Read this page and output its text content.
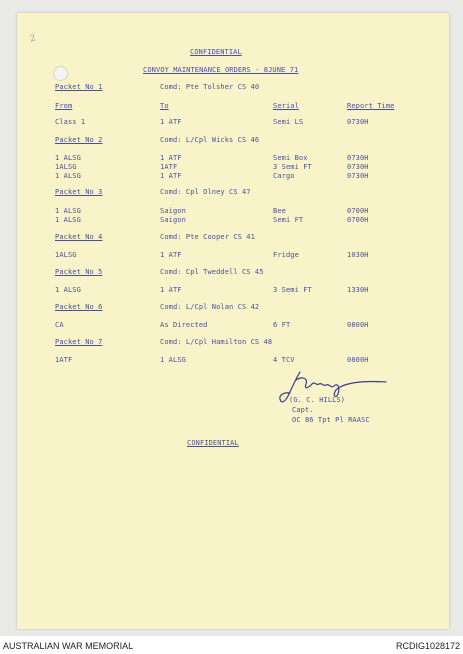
2
CONFIDENTIAL
CONVOY MAINTENANCE ORDERS - 8JUNE 71
Packet No 1	Comd: Pte Tolsher CS 40
From	To	Serial	Report Time
Class 1	1 ATF	Semi LS	0730H
Packet No 2	Comd: L/Cpl Wicks CS 46
1 ALSG	1 ATF	Semi Box	0730H
1ALSG	1ATF	3 Semi FT	0730H
1 ALSG	1 ATF	Cargo	0730H
Packet No 3	Comd: Cpl Olney CS 47
1 ALSG	Saigon	Bee	0700H
1 ALSG	Saigon	Semi FT	0700H
Packet No 4	Comd: Pte Cooper CS 41
1ALSG	1 ATF	Fridge	1030H
Packet No 5	Comd: Cpl Tweddell CS 45
1 ALSG	1 ATF	3 Semi FT	1330H
Packet No 6	Comd: L/Cpl Nolan CS 42
CA	As Directed	6 FT	0800H
Packet No 7	Comd: L/Cpl Hamilton CS 48
1ATF	1 ALSG	4 TCV	0800H
(G. C. HILLS)
Capt.
OC 86 Tpt Pl RAASC
CONFIDENTIAL
AUSTRALIAN WAR MEMORIAL	RCDIG1028172
